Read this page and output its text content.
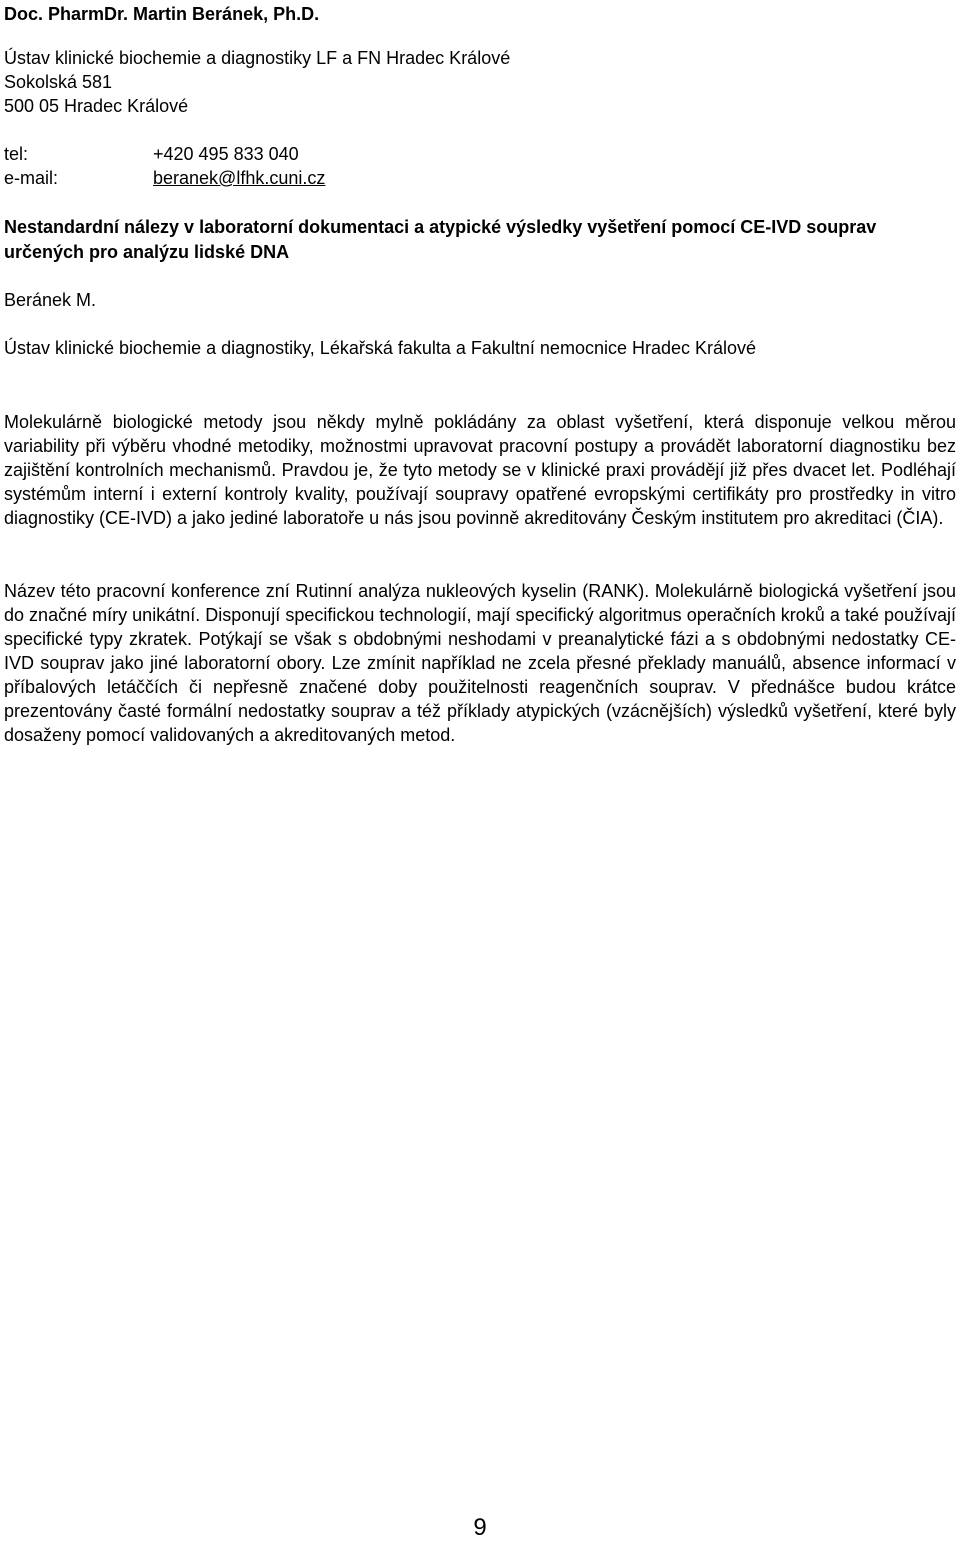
Doc. PharmDr. Martin Beránek, Ph.D.
Ústav klinické biochemie a diagnostiky LF a FN Hradec Králové
Sokolská 581
500 05 Hradec Králové
tel:	+420 495 833 040
e-mail:	beranek@lfhk.cuni.cz
Nestandardní nálezy v laboratorní dokumentaci a atypické výsledky vyšetření pomocí CE-IVD souprav určených pro analýzu lidské DNA
Beránek M.
Ústav klinické biochemie a diagnostiky, Lékařská fakulta a Fakultní nemocnice Hradec Králové
Molekulárně biologické metody jsou někdy mylně pokládány za oblast vyšetření, která disponuje velkou měrou variability při výběru vhodné metodiky, možnostmi upravovat pracovní postupy a provádět laboratorní diagnostiku bez zajištění kontrolních mechanismů. Pravdou je, že tyto metody se v klinické praxi provádějí již přes dvacet let. Podléhají systémům interní i externí kontroly kvality, používají soupravy opatřené evropskými certifikáty pro prostředky in vitro diagnostiky (CE-IVD) a jako jediné laboratoře u nás jsou povinně akreditovány Českým institutem pro akreditaci (ČIA).
Název této pracovní konference zní Rutinní analýza nukleových kyselin (RANK). Molekulárně biologická vyšetření jsou do značné míry unikátní. Disponují specifickou technologií, mají specifický algoritmus operačních kroků a také používají specifické typy zkratek. Potýkají se však s obdobnými neshodami v preanalytické fázi a s obdobnými nedostatky CE-IVD souprav jako jiné laboratorní obory. Lze zmínit například ne zcela přesné překlady manuálů, absence informací v příbalových letáččích či nepřesně značené doby použitelnosti reagenčních souprav. V přednášce budou krátce prezentovány časté formální nedostatky souprav a též příklady atypických (vzácnějších) výsledků vyšetření, které byly dosaženy pomocí validovaných a akreditovaných metod.
9
